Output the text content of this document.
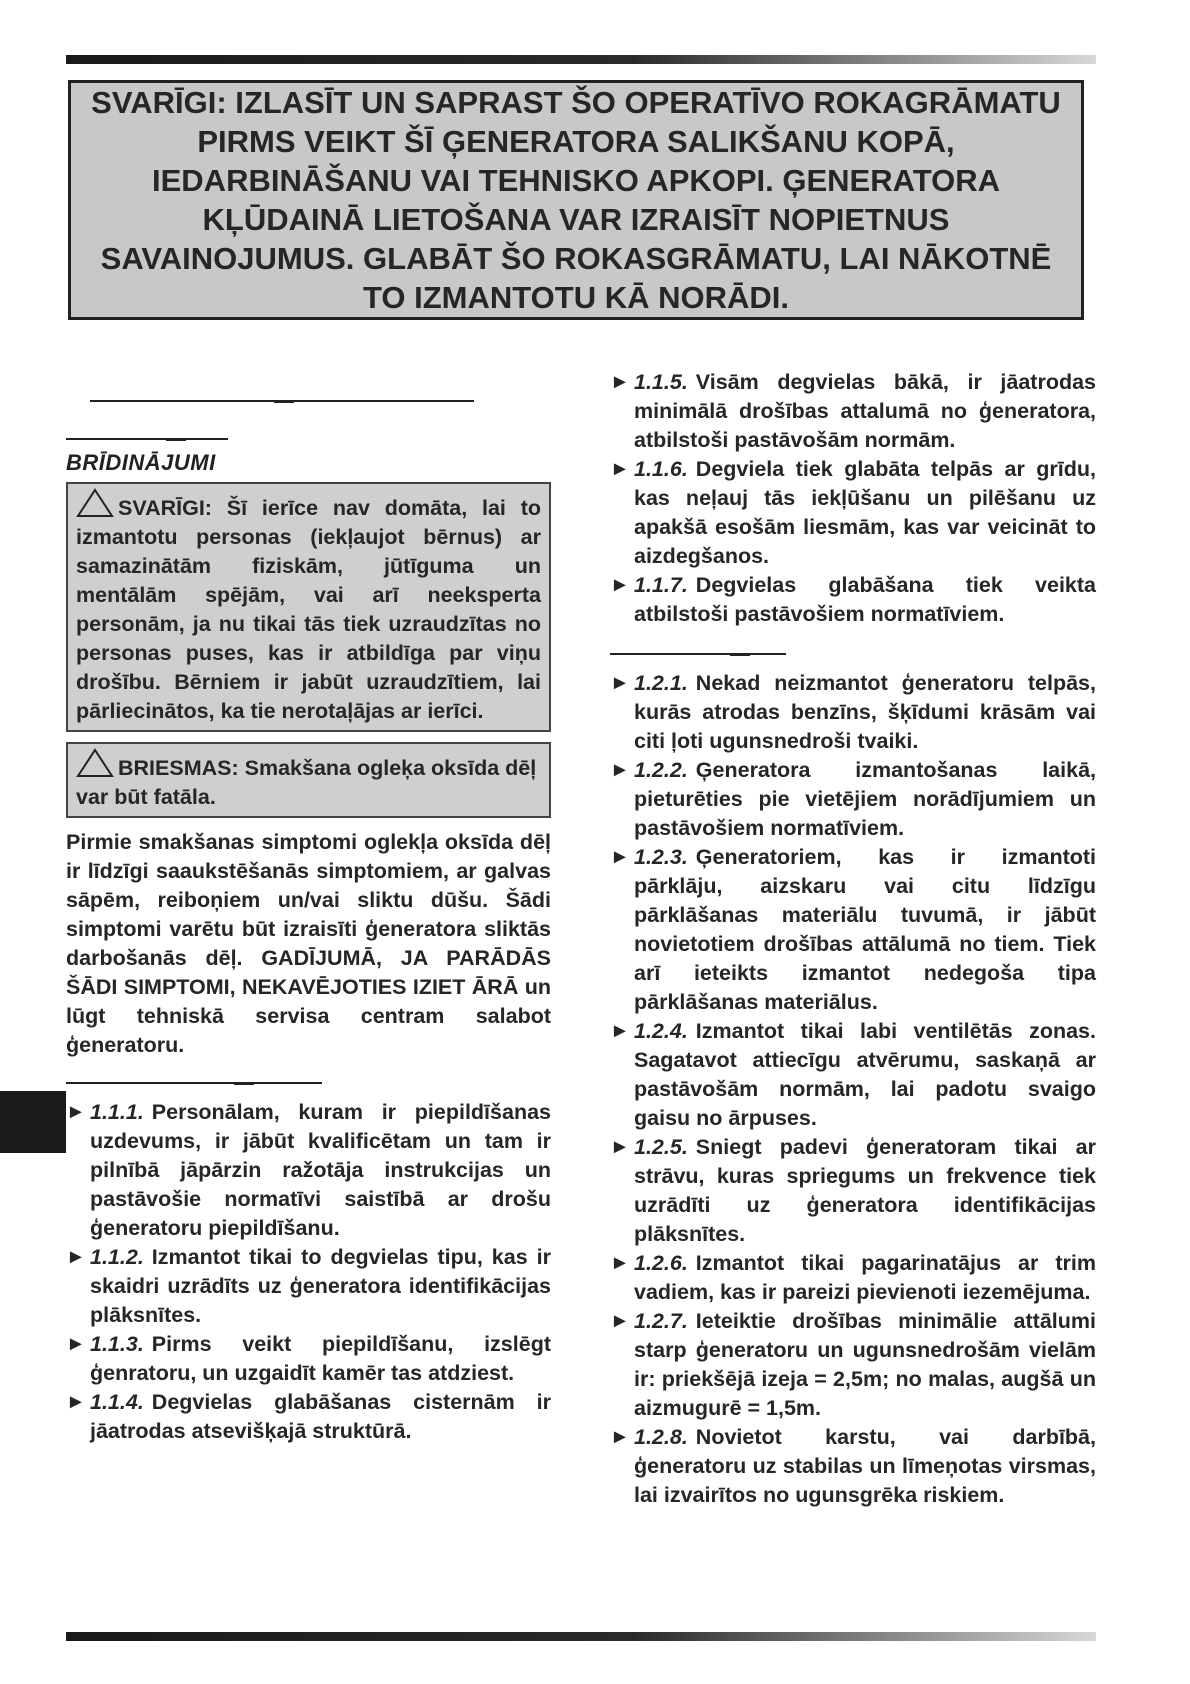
SVARĪGI: IZLASĪT UN SAPRAST ŠO OPERATĪVO ROKAGRĀMATU PIRMS VEIKT ŠĪ ĢENERATORA SALIKŠANU KOPĀ, IEDARBINĀŠANU VAI TEHNISKO APKOPI. ĢENERATORA KĻŪDAINĀ LIETOŠANA VAR IZRAISĪT NOPIETNUS SAVAINOJUMUS. GLABĀT ŠO ROKASGRĀMATU, LAI NĀKOTNĒ TO IZMANTOTU KĀ NORĀDI.

BRĪDINĀJUMI
SVARĪGI: Šī ierīce nav domāta, lai to izmantotu personas (iekļaujot bērnus) ar samazinātām fiziskām, jūtīguma un mentālām spējām, vai arī neeksperta personām, ja nu tikai tās tiek uzraudzītas no personas puses, kas ir atbildīga par viņu drošību. Bērniem ir jabūt uzraudzītiem, lai pārliecinātos, ka tie nerotaļājas ar ierīci.
BRIESMAS: Smakšana ogleķa oksīda dēļ var būt fatāla.
Pirmie smakšanas simptomi oglekļa oksīda dēļ ir līdzīgi saaukstēšanās simptomiem, ar galvas sāpēm, reiboņiem un/vai sliktu dūšu. Šādi simptomi varētu būt izraisīti ģeneratora sliktās darbošanās dēļ. GADĪJUMĀ, JA PARĀDĀS ŠĀDI SIMPTOMI, NEKAVĒJOTIES IZIET ĀRĀ un lūgt tehniskā servisa centram salabot ģeneratoru.
► 1.1.1. Personālam, kuram ir piepildīšanas uzdevums, ir jābūt kvalificētam un tam ir pilnībā jāpārzin ražotāja instrukcijas un pastāvošie normatīvi saistībā ar drošu ģeneratoru piepildīšanu.
► 1.1.2. Izmantot tikai to degvielas tipu, kas ir skaidri uzrādīts uz ģeneratora identifikācijas plāksnītes.
► 1.1.3. Pirms veikt piepildīšanu, izslēgt ģenratoru, un uzgaidīt kamēr tas atdziest.
► 1.1.4. Degvielas glabāšanas cisternām ir jāatrodas atsevišķajā struktūrā.
► 1.1.5. Visām degvielas bākā, ir jāatrodas minimālā drošības attalumā no ģeneratora, atbilstoši pastāvošām normām.
► 1.1.6. Degviela tiek glabāta telpās ar grīdu, kas neļauj tās iekļūšanu un pilēšanu uz apakšā esošām liesmām, kas var veicināt to aizdegšanos.
► 1.1.7. Degvielas glabāšana tiek veikta atbilstoši pastāvošiem normatīviem.
► 1.2.1. Nekad neizmantot ģeneratoru telpās, kurās atrodas benzīns, šķīdumi krāsām vai citi ļoti ugunsnedroši tvaiki.
► 1.2.2. Ģeneratora izmantošanas laikā, pieturēties pie vietējiem norādījumiem un pastāvošiem normatīviem.
► 1.2.3. Ģeneratoriem, kas ir izmantoti pārklāju, aizskaru vai citu līdzīgu pārklāšanas materiālu tuvumā, ir jābūt novietotiem drošības attālumā no tiem. Tiek arī ieteikts izmantot nedegoša tipa pārklāšanas materiālus.
► 1.2.4. Izmantot tikai labi ventilētās zonas. Sagatavot attiecīgu atvērumu, saskaņā ar pastāvošām normām, lai padotu svaigo gaisu no ārpuses.
► 1.2.5. Sniegt padevi ģeneratoram tikai ar strāvu, kuras spriegums un frekvence tiek uzrādīti uz ģeneratora identifikācijas plāksnītes.
► 1.2.6. Izmantot tikai pagarinatājus ar trim vadiem, kas ir pareizi pievienoti iezemējuma.
► 1.2.7. Ieteiktie drošības minimālie attālumi starp ģeneratoru un ugunsnedrošām vielām ir: priekšējā izeja = 2,5m; no malas, augšā un aizmugurē = 1,5m.
► 1.2.8. Novietot karstu, vai darbībā, ģeneratoru uz stabilas un līmeņotas virsmas, lai izvairītos no ugunsgrēka riskiem.
